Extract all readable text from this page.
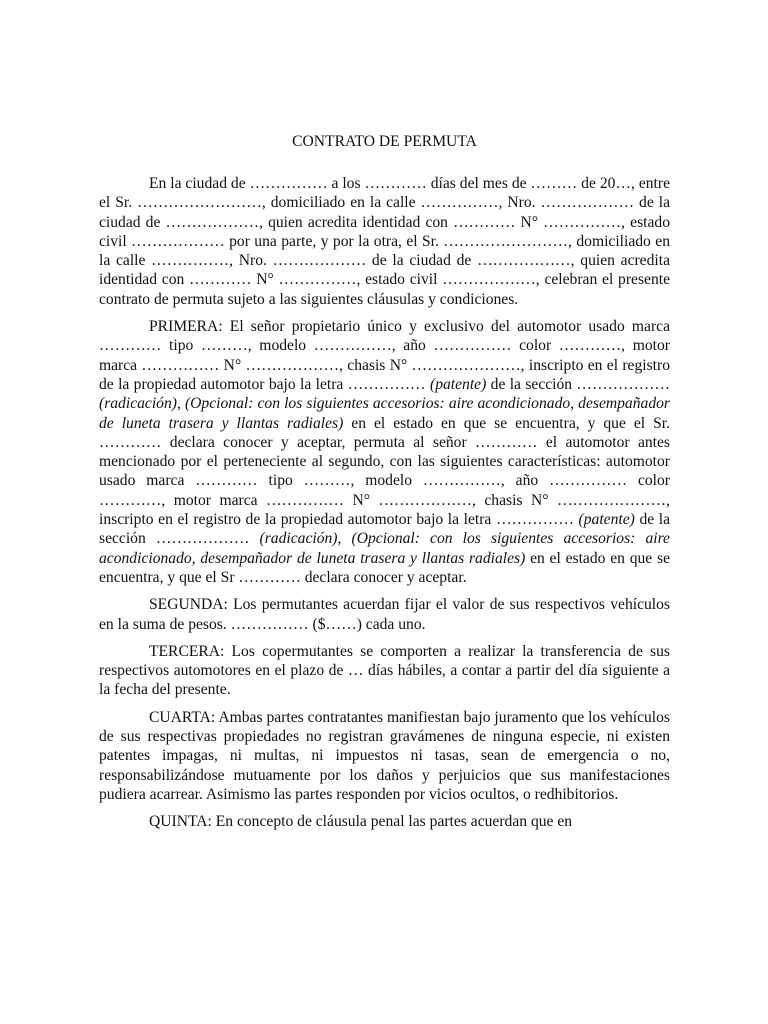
CONTRATO DE PERMUTA

En la ciudad de …………… a los ………… días del mes de ……… de 20…, entre el Sr. ……………………, domiciliado en la calle ……………, Nro. ……………… de la ciudad de ………………, quien acredita identidad con ………… N° ……………, estado civil ……………… por una parte, y por la otra, el Sr. ……………………, domiciliado en la calle ……………, Nro. ……………… de la ciudad de ………………, quien acredita identidad con ………… N° ……………, estado civil ………………, celebran el presente contrato de permuta sujeto a las siguientes cláusulas y condiciones.

PRIMERA: El señor propietario único y exclusivo del automotor usado marca ………… tipo ………, modelo ……………, año …………… color …………, motor marca …………… N° ………………, chasis N° …………………, inscripto en el registro de la propiedad automotor bajo la letra …………… (patente) de la sección ……………… (radicación), (Opcional: con los siguientes accesorios: aire acondicionado, desempañador de luneta trasera y llantas radiales) en el estado en que se encuentra, y que el Sr. ………… declara conocer y aceptar, permuta al señor ………… el automotor antes mencionado por el perteneciente al segundo, con las siguientes características: automotor usado marca ………… tipo ………, modelo ……………, año …………… color …………, motor marca …………… N° ………………, chasis N° …………………, inscripto en el registro de la propiedad automotor bajo la letra …………… (patente) de la sección ……………… (radicación), (Opcional: con los siguientes accesorios: aire acondicionado, desempañador de luneta trasera y llantas radiales) en el estado en que se encuentra, y que el Sr ………… declara conocer y aceptar.

SEGUNDA: Los permutantes acuerdan fijar el valor de sus respectivos vehículos en la suma de pesos. …………… ($……) cada uno.

TERCERA: Los copermutantes se comporten a realizar la transferencia de sus respectivos automotores en el plazo de … días hábiles, a contar a partir del día siguiente a la fecha del presente.

CUARTA: Ambas partes contratantes manifiestan bajo juramento que los vehículos de sus respectivas propiedades no registran gravámenes de ninguna especie, ni existen patentes impagas, ni multas, ni impuestos ni tasas, sean de emergencia o no, responsabilizándose mutuamente por los daños y perjuicios que sus manifestaciones pudiera acarrear. Asimismo las partes responden por vicios ocultos, o redhibitorios.

QUINTA: En concepto de cláusula penal las partes acuerdan que en
